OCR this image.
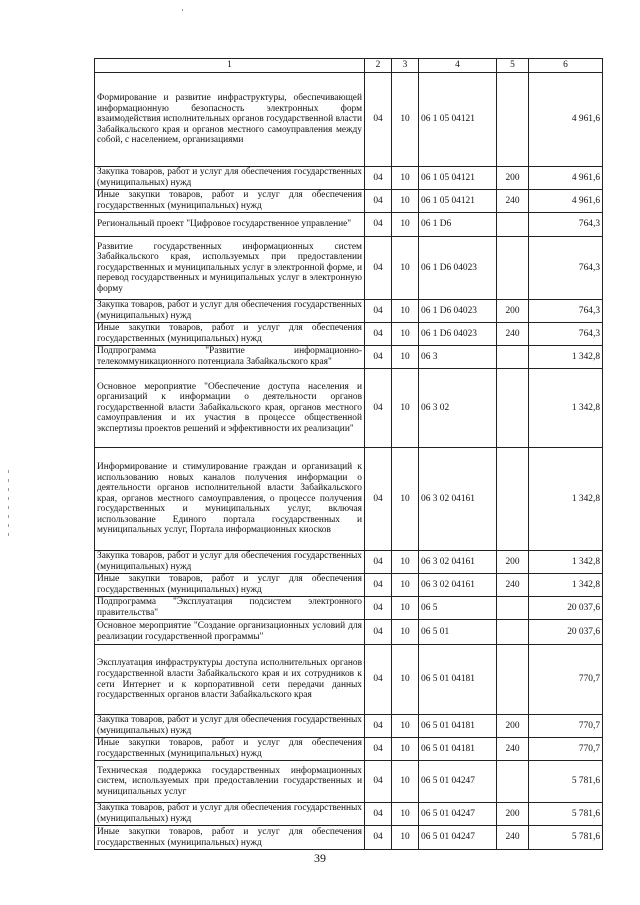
1	2	3	4	5	6
Формирование и развитие инфраструктуры, обеспечивающей информационную безопасность электронных форм взаимодействия исполнительных органов государственной власти Забайкальского края и органов местного самоуправления между собой, с населением, организациями	04	10	06 1 05 04121		4 961,6
Закупка товаров, работ и услуг для обеспечения государственных (муниципальных) нужд	04	10	06 1 05 04121	200	4 961,6
Иные закупки товаров, работ и услуг для обеспечения государственных (муниципальных) нужд	04	10	06 1 05 04121	240	4 961,6
Региональный проект "Цифровое государственное управление"	04	10	06 1 D6		764,3
Развитие государственных информационных систем Забайкальского края, используемых при предоставлении государственных и муниципальных услуг в электронной форме, и перевод государственных и муниципальных услуг в электронную форму	04	10	06 1 D6 04023		764,3
Закупка товаров, работ и услуг для обеспечения государственных (муниципальных) нужд	04	10	06 1 D6 04023	200	764,3
Иные закупки товаров, работ и услуг для обеспечения государственных (муниципальных) нужд	04	10	06 1 D6 04023	240	764,3
Подпрограмма "Развитие информационно-телекоммуникационного потенциала Забайкальского края"	04	10	06 3		1 342,8
Основное мероприятие "Обеспечение доступа населения и организаций к информации о деятельности органов государственной власти Забайкальского края, органов местного самоуправления и их участия в процессе общественной экспертизы проектов решений и эффективности их реализации"	04	10	06 3 02		1 342,8
Информирование и стимулирование граждан и организаций к использованию новых каналов получения информации о деятельности органов исполнительной власти Забайкальского края, органов местного самоуправления, о процессе получения государственных и муниципальных услуг, включая использование Единого портала государственных и муниципальных услуг, Портала информационных киосков	04	10	06 3 02 04161		1 342,8
Закупка товаров, работ и услуг для обеспечения государственных (муниципальных) нужд	04	10	06 3 02 04161	200	1 342,8
Иные закупки товаров, работ и услуг для обеспечения государственных (муниципальных) нужд	04	10	06 3 02 04161	240	1 342,8
Подпрограмма "Эксплуатация подсистем электронного правительства"	04	10	06 5		20 037,6
Основное мероприятие "Создание организационных условий для реализации государственной программы"	04	10	06 5 01		20 037,6
Эксплуатация инфраструктуры доступа исполнительных органов государственной власти Забайкальского края и их сотрудников к сети Интернет и к корпоративной сети передачи данных государственных органов власти Забайкальского края	04	10	06 5 01 04181		770,7
Закупка товаров, работ и услуг для обеспечения государственных (муниципальных) нужд	04	10	06 5 01 04181	200	770,7
Иные закупки товаров, работ и услуг для обеспечения государственных (муниципальных) нужд	04	10	06 5 01 04181	240	770,7
Техническая поддержка государственных информационных систем, используемых при предоставлении государственных и муниципальных услуг	04	10	06 5 01 04247		5 781,6
Закупка товаров, работ и услуг для обеспечения государственных (муниципальных) нужд	04	10	06 5 01 04247	200	5 781,6
Иные закупки товаров, работ и услуг для обеспечения государственных (муниципальных) нужд	04	10	06 5 01 04247	240	5 781,6
39
